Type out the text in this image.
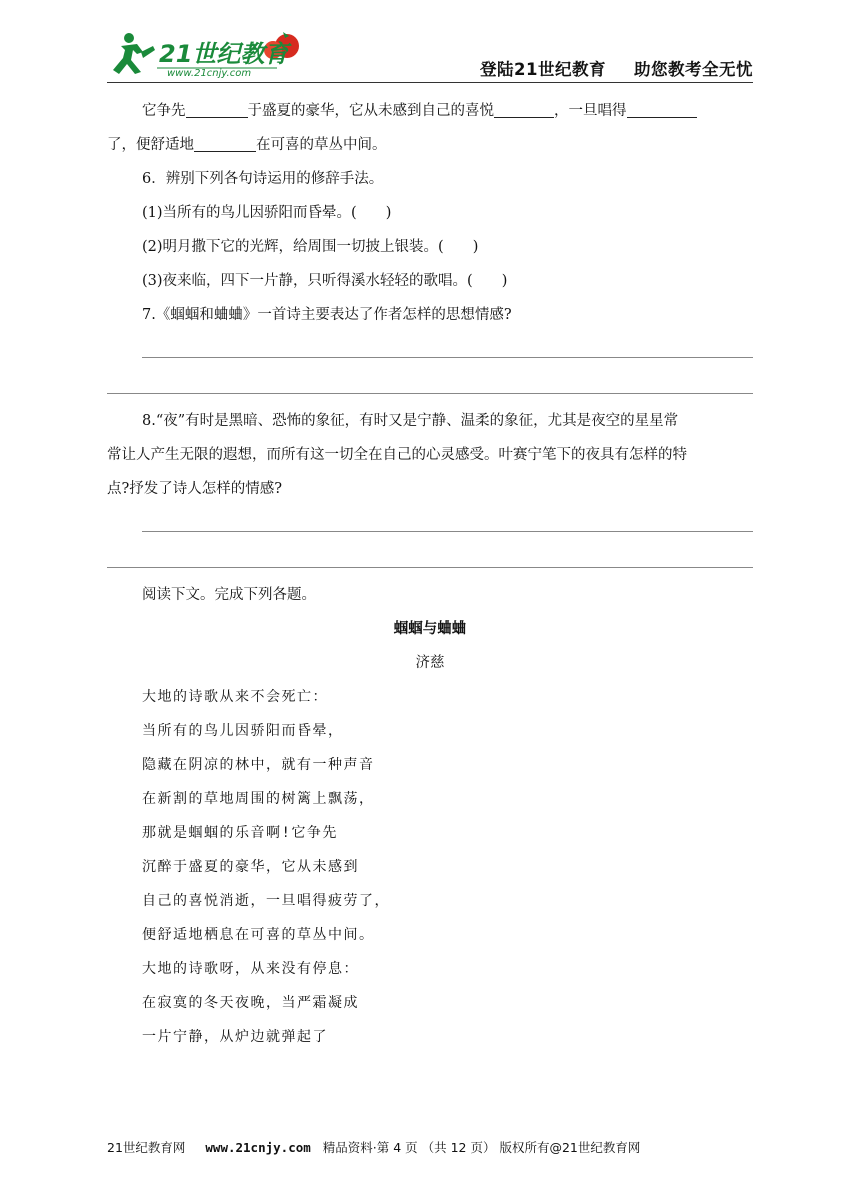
21世纪教育
www.21cnjy.com	登陆21世纪教育 助您教考全无忧
它争先	于盛夏的豪华，它从未感到自己的喜悦	，一旦唱得
了，便舒适地	在可喜的草丛中间。
6．辨别下列各句诗运用的修辞手法。
(1)当所有的鸟儿因骄阳而昏晕。(　　)
(2)明月撒下它的光辉，给周围一切披上银装。(　　)
(3)夜来临，四下一片静，只听得溪水轻轻的歌唱。(　　)
7.《蝈蝈和蛐蛐》一首诗主要表达了作者怎样的思想情感?
8.“夜”有时是黑暗、恐怖的象征，有时又是宁静、温柔的象征，尤其是夜空的星星常
常让人产生无限的遐想，而所有这一切全在自己的心灵感受。叶赛宁笔下的夜具有怎样的特
点?抒发了诗人怎样的情感?
阅读下文。完成下列各题。
蝈蝈与蛐蛐
济慈
大地的诗歌从来不会死亡：
当所有的鸟儿因骄阳而昏晕，
隐藏在阴凉的林中，就有一种声音
在新割的草地周围的树篱上飘荡，
那就是蝈蝈的乐音啊!它争先
沉醉于盛夏的豪华，它从未感到
自己的喜悦消逝，一旦唱得疲劳了，
便舒适地栖息在可喜的草丛中间。
大地的诗歌呀，从来没有停息：
在寂寞的冬天夜晚，当严霜凝成
一片宁静，从炉边就弹起了
21世纪教育网 www.21cnjy.com 精品资料·第 4 页 （共 12 页） 版权所有@21世纪教育网
